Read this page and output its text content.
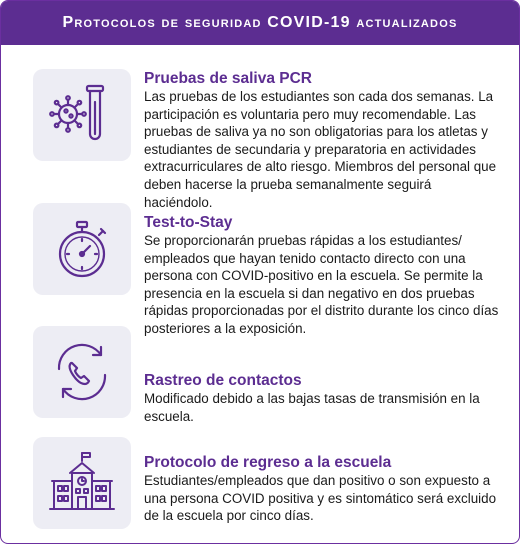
Protocolos de seguridad COVID-19 actualizados
Pruebas de saliva PCR
Las pruebas de los estudiantes son cada dos semanas. La participación es voluntaria pero muy recomendable. Las pruebas de saliva ya no son obligatorias para los atletas y estudiantes de secundaria y preparatoria en actividades extracurriculares de alto riesgo. Miembros del personal que deben hacerse la prueba semanalmente seguirá haciéndolo.
Test-to-Stay
Se proporcionarán pruebas rápidas a los estudiantes/ empleados que hayan tenido contacto directo con una persona con COVID-positivo en la escuela. Se permite la presencia en la escuela si dan negativo en dos pruebas rápidas proporcionadas por el distrito durante los cinco días posteriores a la exposición.
Rastreo de contactos
Modificado debido a las bajas tasas de transmisión en la escuela.
Protocolo de regreso a la escuela
Estudiantes/empleados que dan positivo o son expuesto a una persona COVID positiva y es sintomático será excluido de la escuela por cinco días.
